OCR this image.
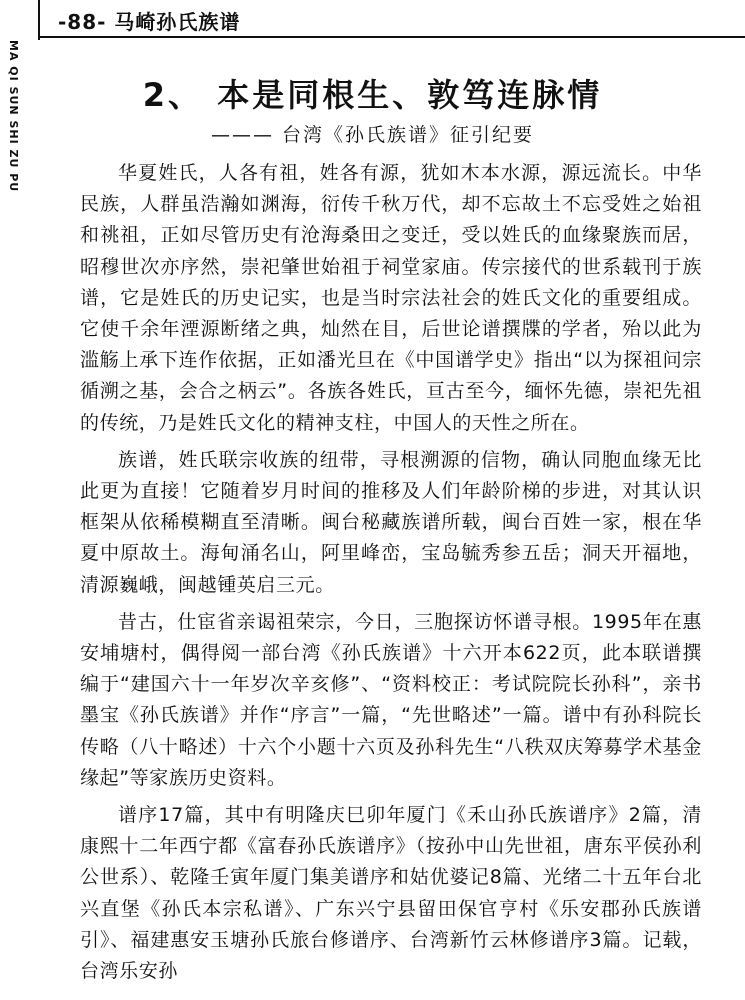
-88- 马崎孙氏族谱
MA QI SUN SHI ZU PU	2、 本是同根生、敦笃连脉情
——— 台湾《孙氏族谱》征引纪要

华夏姓氏，人各有祖，姓各有源，犹如木本水源，源远流长。中华民族，人群虽浩瀚如渊海，衍传千秋万代，却不忘故土不忘受姓之始祖和祧祖，正如尽管历史有沧海桑田之变迁，受以姓氏的血缘聚族而居，昭穆世次亦序然，崇祀肇世始祖于祠堂家庙。传宗接代的世系载刊于族谱，它是姓氏的历史记实，也是当时宗法社会的姓氏文化的重要组成。它使千余年湮源断绪之典，灿然在目，后世论谱撰牒的学者，殆以此为滥觞上承下连作依据，正如潘光旦在《中国谱学史》指出“以为探祖问宗循溯之基，会合之柄云”。各族各姓氏，亘古至今，缅怀先德，崇祀先祖的传统，乃是姓氏文化的精神支柱，中国人的天性之所在。

族谱，姓氏联宗收族的纽带，寻根溯源的信物，确认同胞血缘无比此更为直接！它随着岁月时间的推移及人们年龄阶梯的步进，对其认识框架从依稀模糊直至清晰。闽台秘藏族谱所载，闽台百姓一家，根在华夏中原故土。海甸涌名山，阿里峰峦，宝岛毓秀参五岳；洞天开福地，清源巍峨，闽越锺英启三元。

昔古，仕宦省亲谒祖荣宗，今日，三胞探访怀谱寻根。1995年在惠安埔塘村，偶得阅一部台湾《孙氏族谱》十六开本622页，此本联谱撰编于“建国六十一年岁次辛亥修”、“资料校正：考试院院长孙科”，亲书墨宝《孙氏族谱》并作“序言”一篇，“先世略述”一篇。谱中有孙科院长传略（八十略述）十六个小题十六页及孙科先生“八秩双庆筹募学术基金缘起”等家族历史资料。

谱序17篇，其中有明隆庆巳卯年厦门《禾山孙氏族谱序》2篇，清康熙十二年西宁都《富春孙氏族谱序》（按孙中山先世祖，唐东平侯孙利公世系）、乾隆壬寅年厦门集美谱序和姑优婆记8篇、光绪二十五年台北兴直堡《孙氏本宗私谱》、广东兴宁县留田保官亨村《乐安郡孙氏族谱引》、福建惠安玉塘孙氏旅台修谱序、台湾新竹云林修谱序3篇。记载，台湾乐安孙
